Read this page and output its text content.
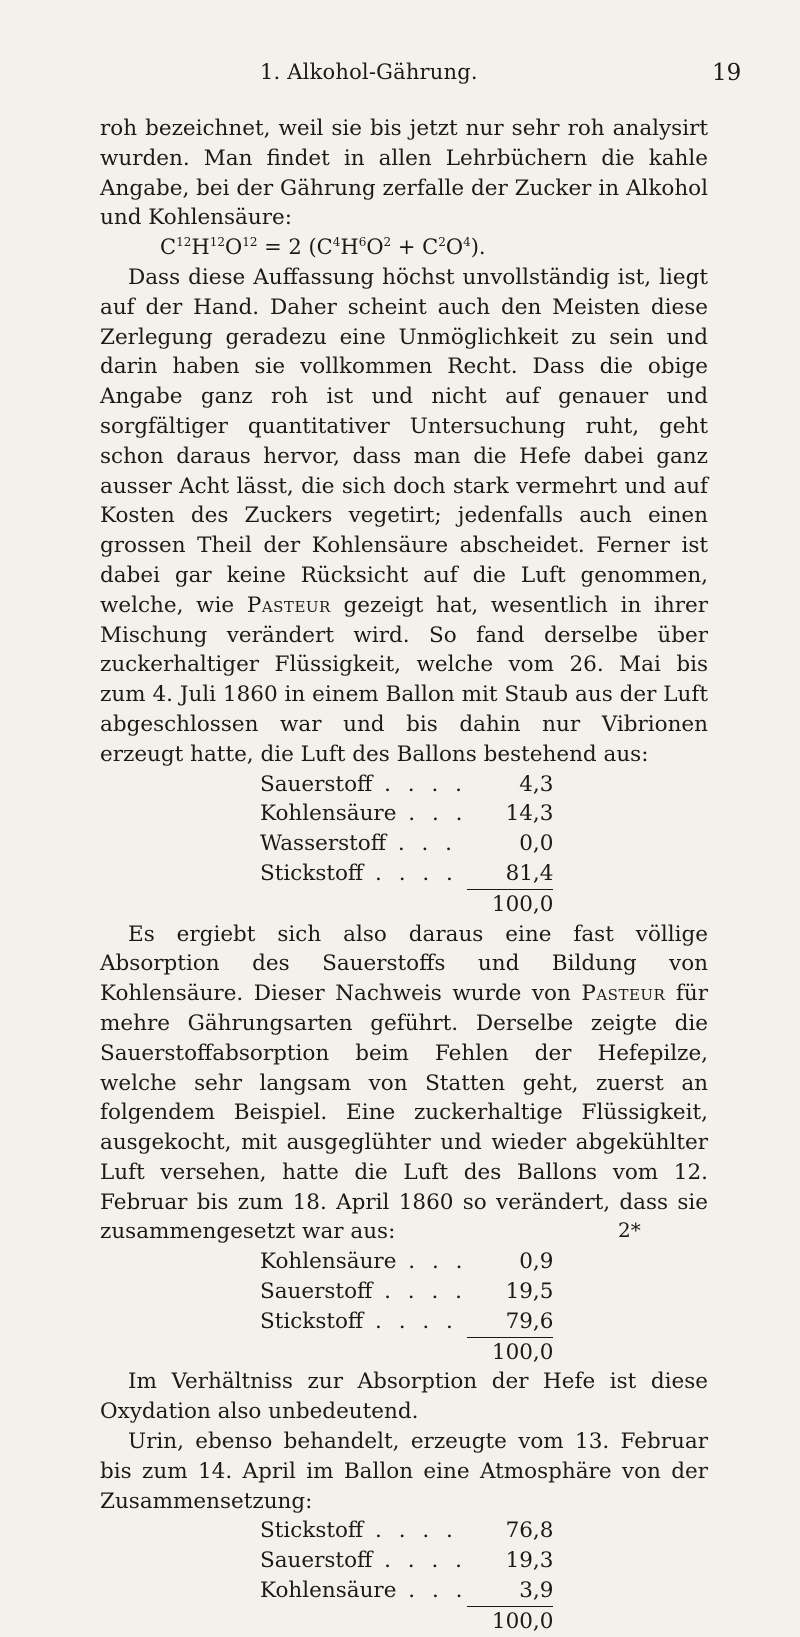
1. Alkohol-Gährung.	19

roh bezeichnet, weil sie bis jetzt nur sehr roh analysirt wurden. Man findet in allen Lehrbüchern die kahle Angabe, bei der Gährung zerfalle der Zucker in Alkohol und Kohlensäure:

$C^{12}H^{12}O^{12} = 2$ $(C^4H^6O^2 + C^2O^4)$.

Dass diese Auffassung höchst unvollständig ist, liegt auf der Hand. Daher scheint auch den Meisten diese Zerlegung geradezu eine Unmöglichkeit zu sein und darin haben sie vollkommen Recht. Dass die obige Angabe ganz roh ist und nicht auf genauer und sorgfältiger quantitativer Untersuchung ruht, geht schon daraus hervor, dass man die Hefe dabei ganz ausser Acht lässt, die sich doch stark vermehrt und auf Kosten des Zuckers vegetirt; jedenfalls auch einen grossen Theil der Kohlensäure abscheidet. Ferner ist dabei gar keine Rücksicht auf die Luft genommen, welche, wie Pasteur gezeigt hat, wesentlich in ihrer Mischung verändert wird. So fand derselbe über zuckerhaltiger Flüssigkeit, welche vom 26. Mai bis zum 4. Juli 1860 in einem Ballon mit Staub aus der Luft abgeschlossen war und bis dahin nur Vibrionen erzeugt hatte, die Luft des Ballons bestehend aus:

Sauerstoff . . . .	4,3
Kohlensäure . . .	14,3
Wasserstoff . . .	0,0
Stickstoff . . . .	81,4
	100,0

Es ergiebt sich also daraus eine fast völlige Absorption des Sauerstoffs und Bildung von Kohlensäure. Dieser Nachweis wurde von Pasteur für mehre Gährungsarten geführt. Derselbe zeigte die Sauerstoffabsorption beim Fehlen der Hefepilze, welche sehr langsam von Statten geht, zuerst an folgendem Beispiel. Eine zuckerhaltige Flüssigkeit, ausgekocht, mit ausgeglühter und wieder abgekühlter Luft versehen, hatte die Luft des Ballons vom 12. Februar bis zum 18. April 1860 so verändert, dass sie zusammengesetzt war aus:

Kohlensäure . . .	0,9
Sauerstoff . . . .	19,5
Stickstoff . . . .	79,6
	100,0

Im Verhältniss zur Absorption der Hefe ist diese Oxydation also unbedeutend.

Urin, ebenso behandelt, erzeugte vom 13. Februar bis zum 14. April im Ballon eine Atmosphäre von der Zusammensetzung:

Stickstoff . . . .	76,8
Sauerstoff . . . .	19,3
Kohlensäure . . .	3,9
	100,0
2*
